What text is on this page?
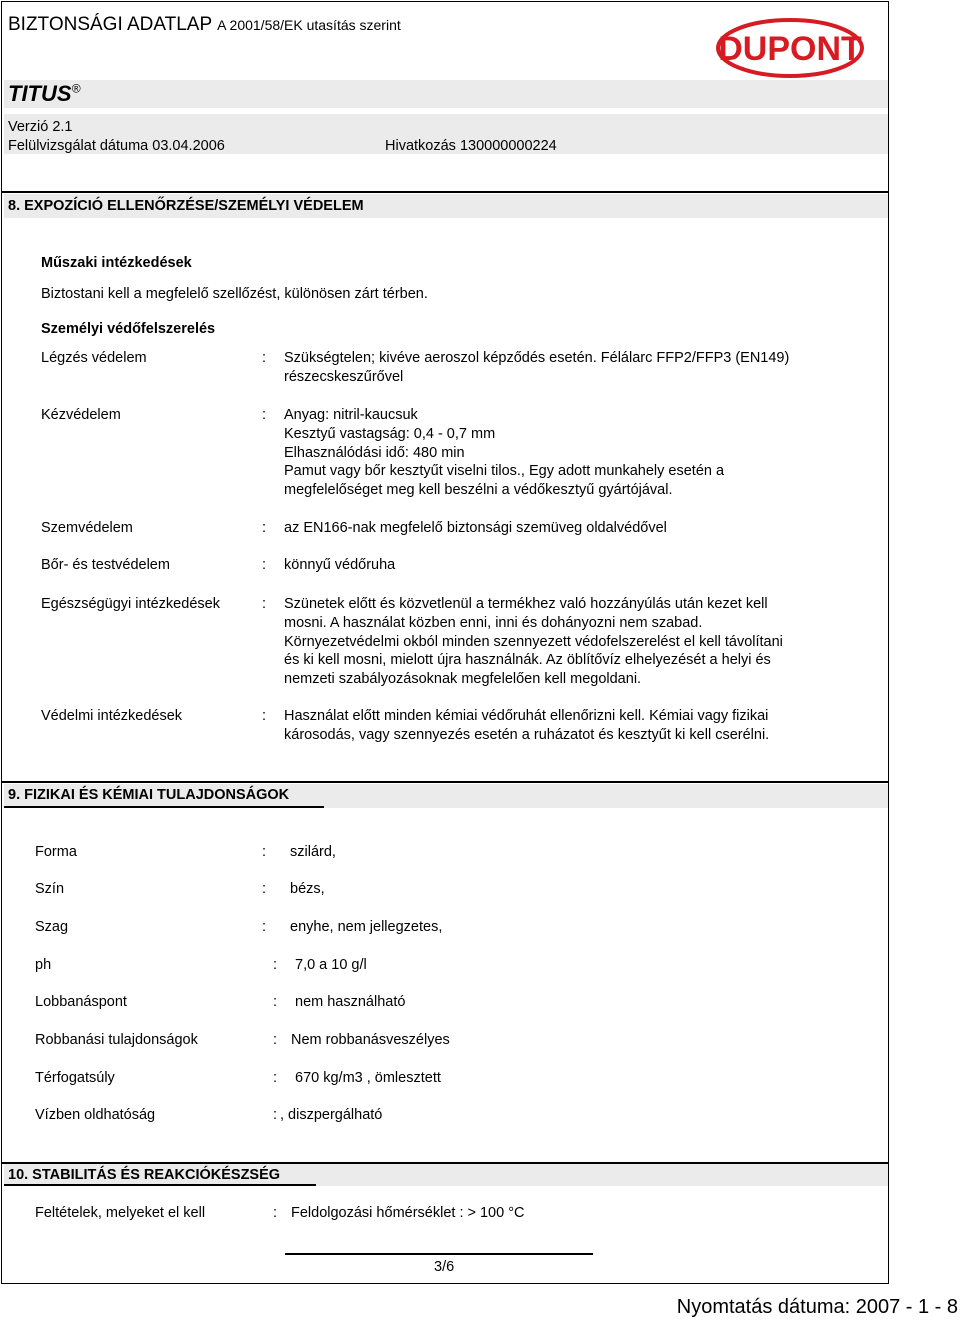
BIZTONSÁGI ADATLAP A 2001/58/EK utasítás szerint
DUPONT
TITUS®
Verzió 2.1
Felülvizsgálat dátuma 03.04.2006	Hivatkozás 130000000224
8. EXPOZÍCIÓ ELLENŐRZÉSE/SZEMÉLYI VÉDELEM
Műszaki intézkedések
Biztostani kell a megfelelő szellőzést, különösen zárt térben.
Személyi védőfelszerelés
Légzés védelem	: Szükségtelen; kivéve aeroszol képződés esetén. Félálarc FFP2/FFP3 (EN149)
részecskeszűrővel
Kézvédelem	: Anyag: nitril-kaucsuk
Kesztyű vastagság: 0,4 - 0,7 mm
Elhasználódási idő: 480 min
Pamut vagy bőr kesztyűt viselni tilos., Egy adott munkahely esetén a
megfelelőséget meg kell beszélni a védőkesztyű gyártójával.
Szemvédelem	: az EN166-nak megfelelő biztonsági szemüveg oldalvédővel
Bőr- és testvédelem	: könnyű védőruha
Egészségügyi intézkedések	: Szünetek előtt és közvetlenül a termékhez való hozzányúlás után kezet kell
mosni. A használat közben enni, inni és dohányozni nem szabad.
Környezetvédelmi okból minden szennyezett védofelszerelést el kell távolítani
és ki kell mosni, mielott újra használnák. Az öblítővíz elhelyezését a helyi és
nemzeti szabályozásoknak megfelelően kell megoldani.
Védelmi intézkedések	: Használat előtt minden kémiai védőruhát ellenőrizni kell. Kémiai vagy fizikai
károsodás, vagy szennyezés esetén a ruházatot és kesztyűt ki kell cserélni.
9. FIZIKAI ÉS KÉMIAI TULAJDONSÁGOK
Forma	: szilárd,
Szín	: bézs,
Szag	: enyhe, nem jellegzetes,
ph	: 7,0 a 10 g/l
Lobbanáspont	: nem használható
Robbanási tulajdonságok	: Nem robbanásveszélyes
Térfogatsúly	: 670 kg/m3 , ömlesztett
Vízben oldhatóság	: , diszpergálható
10. STABILITÁS ÉS REAKCIÓKÉSZSÉG
Feltételek, melyeket el kell	: Feldolgozási hőmérséklet : > 100 °C
3/6
Nyomtatás dátuma: 2007 - 1 - 8
